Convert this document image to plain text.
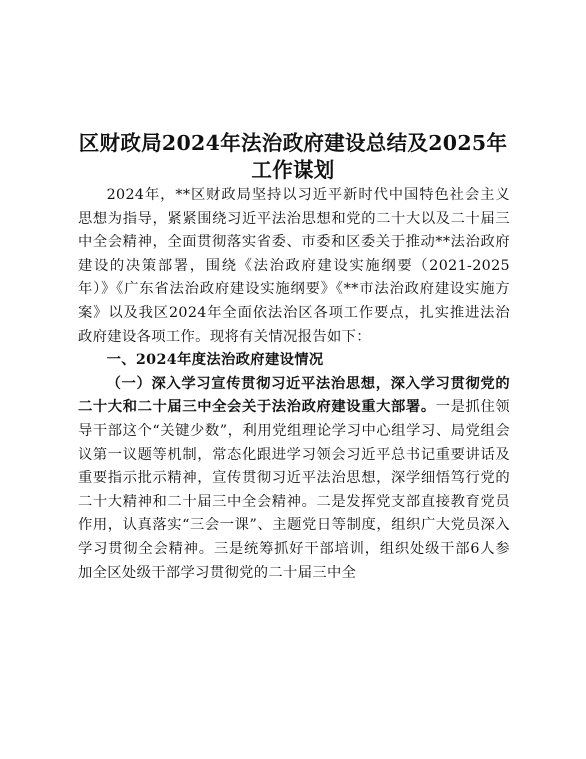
区财政局2024年法治政府建设总结及2025年工作谋划

2024年，**区财政局坚持以习近平新时代中国特色社会主义思想为指导，紧紧围绕习近平法治思想和党的二十大以及二十届三中全会精神，全面贯彻落实省委、市委和区委关于推动**法治政府建设的决策部署，围绕《法治政府建设实施纲要（2021-2025年）》《广东省法治政府建设实施纲要》《**市法治政府建设实施方案》以及我区2024年全面依法治区各项工作要点，扎实推进法治政府建设各项工作。现将有关情况报告如下：

一、2024年度法治政府建设情况

（一）深入学习宣传贯彻习近平法治思想，深入学习贯彻党的二十大和二十届三中全会关于法治政府建设重大部署。一是抓住领导干部这个“关键少数”，利用党组理论学习中心组学习、局党组会议第一议题等机制，常态化跟进学习领会习近平总书记重要讲话及重要指示批示精神，宣传贯彻习近平法治思想，深学细悟笃行党的二十大精神和二十届三中全会精神。二是发挥党支部直接教育党员作用，认真落实“三会一课”、主题党日等制度，组织广大党员深入学习贯彻全会精神。三是统筹抓好干部培训，组织处级干部6人参加全区处级干部学习贯彻党的二十届三中全
